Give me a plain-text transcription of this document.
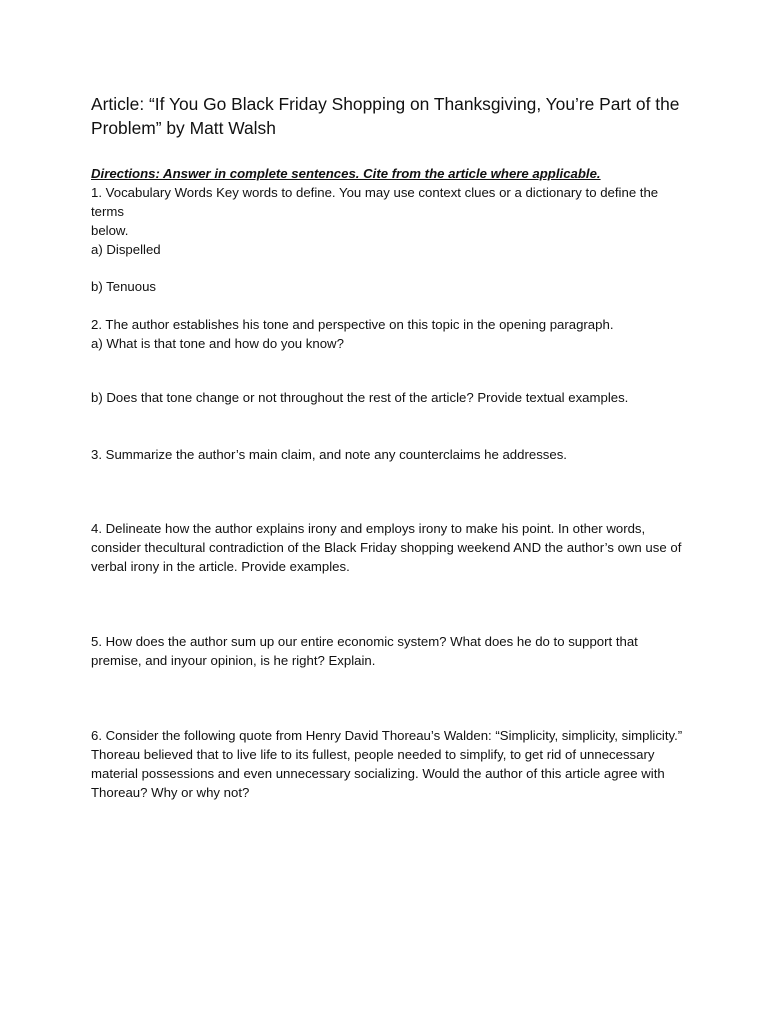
Article: “If You Go Black Friday Shopping on Thanksgiving, You’re Part of the Problem” by Matt Walsh
Directions: Answer in complete sentences. Cite from the article where applicable.
1. Vocabulary Words Key words to define. You may use context clues or a dictionary to define the terms
below.
a) Dispelled
b) Tenuous
2. The author establishes his tone and perspective on this topic in the opening paragraph.
a) What is that tone and how do you know?
b) Does that tone change or not throughout the rest of the article? Provide textual examples.
3. Summarize the author’s main claim, and note any counterclaims he addresses.
4. Delineate how the author explains irony and employs irony to make his point. In other words, consider thecultural contradiction of the Black Friday shopping weekend AND the author’s own use of verbal irony in the article. Provide examples.
5. How does the author sum up our entire economic system? What does he do to support that premise, and inyour opinion, is he right? Explain.
6. Consider the following quote from Henry David Thoreau’s Walden: “Simplicity, simplicity, simplicity.”
Thoreau believed that to live life to its fullest, people needed to simplify, to get rid of unnecessary material possessions and even unnecessary socializing. Would the author of this article agree with Thoreau? Why or why not?
